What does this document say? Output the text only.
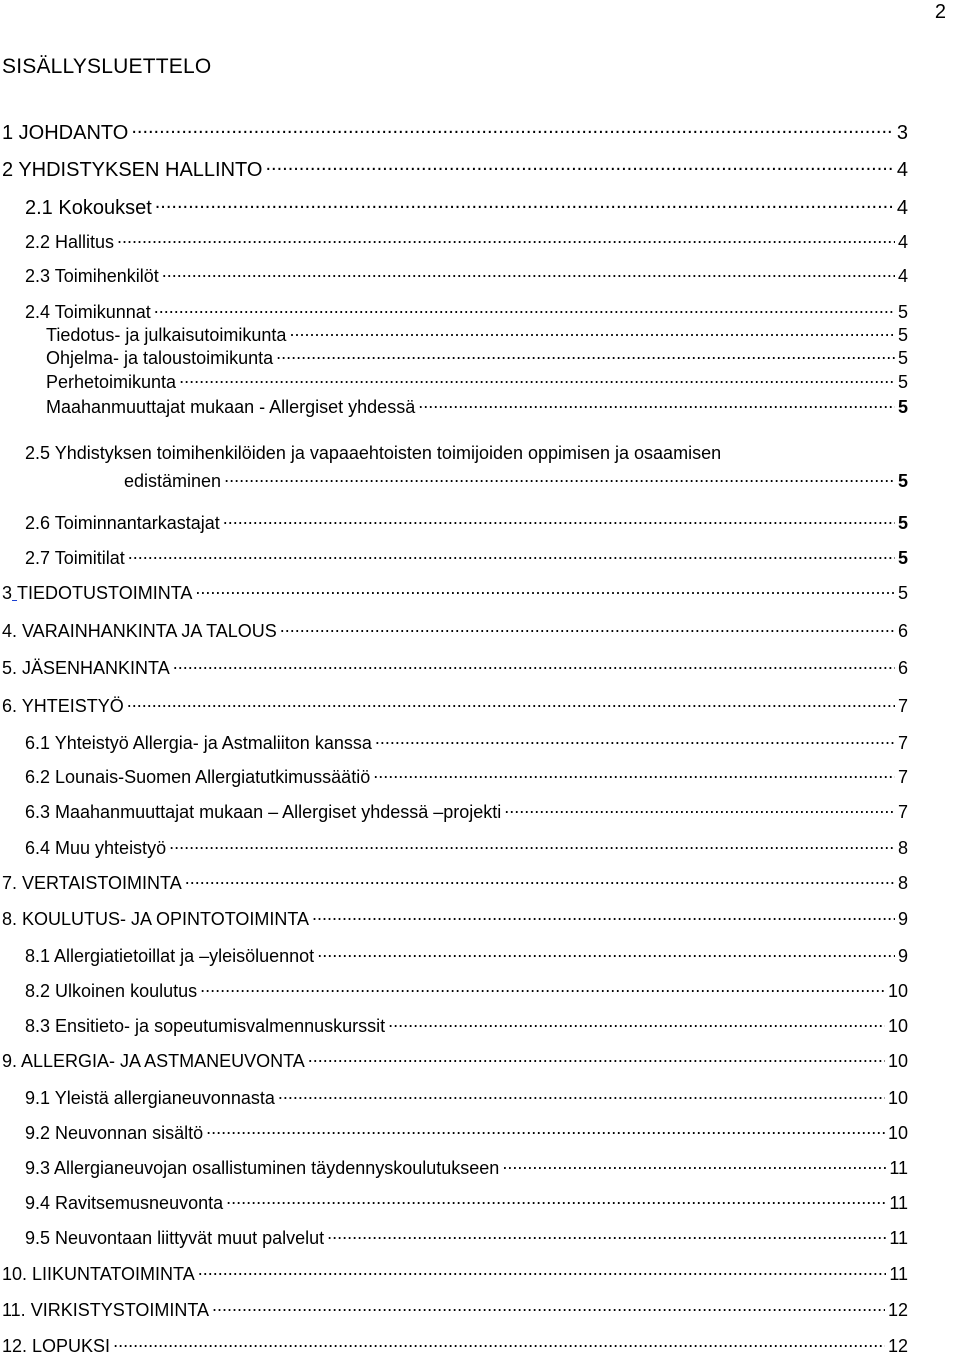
2
SISÄLLYSLUETTELO
1 JOHDANTO .....	3
2 YHDISTYKSEN HALLINTO .....	4
2.1 Kokoukset .....	4
2.2 Hallitus .....	4
2.3 Toimihenkilöt .....	4
2.4 Toimikunnat .....	5
Tiedotus- ja julkaisutoimikunta .....	5
Ohjelma- ja taloustoimikunta .....	5
Perhetoimikunta .....	5
Maahanmuuttajat mukaan - Allergiset yhdessä .....	5
2.5 Yhdistyksen toimihenkilöiden ja vapaaehtoisten toimijoiden oppimisen ja osaamisen
edistäminen .....	5
2.6 Toiminnantarkastajat .....	5
2.7 Toimitilat .....	5
3 TIEDOTUSTOIMINTA .....	5
4. VARAINHANKINTA JA TALOUS .....	6
5. JÄSENHANKINTA .....	6
6. YHTEISTYÖ .....	7
6.1 Yhteistyö Allergia- ja Astmaliiton kanssa .....	7
6.2 Lounais-Suomen Allergiatutkimussäätiö .....	7
6.3 Maahanmuuttajat mukaan – Allergiset yhdessä –projekti .....	7
6.4 Muu yhteistyö .....	8
7. VERTAISTOIMINTA .....	8
8. KOULUTUS- JA OPINTOTOIMINTA .....	9
8.1 Allergiatietoillat ja –yleisöluennot .....	9
8.2 Ulkoinen koulutus .....	10
8.3 Ensitieto- ja sopeutumisvalmennuskurssit .....	10
9. ALLERGIA- JA ASTMANEUVONTA .....	10
9.1 Yleistä allergianeuvonnasta .....	10
9.2 Neuvonnan sisältö .....	10
9.3 Allergianeuvojan osallistuminen täydennyskoulutukseen .....	11
9.4 Ravitsemusneuvonta .....	11
9.5 Neuvontaan liittyvät muut palvelut .....	11
10. LIIKUNTATOIMINTA .....	11
11. VIRKISTYSTOIMINTA .....	12
12. LOPUKSI .....	12
